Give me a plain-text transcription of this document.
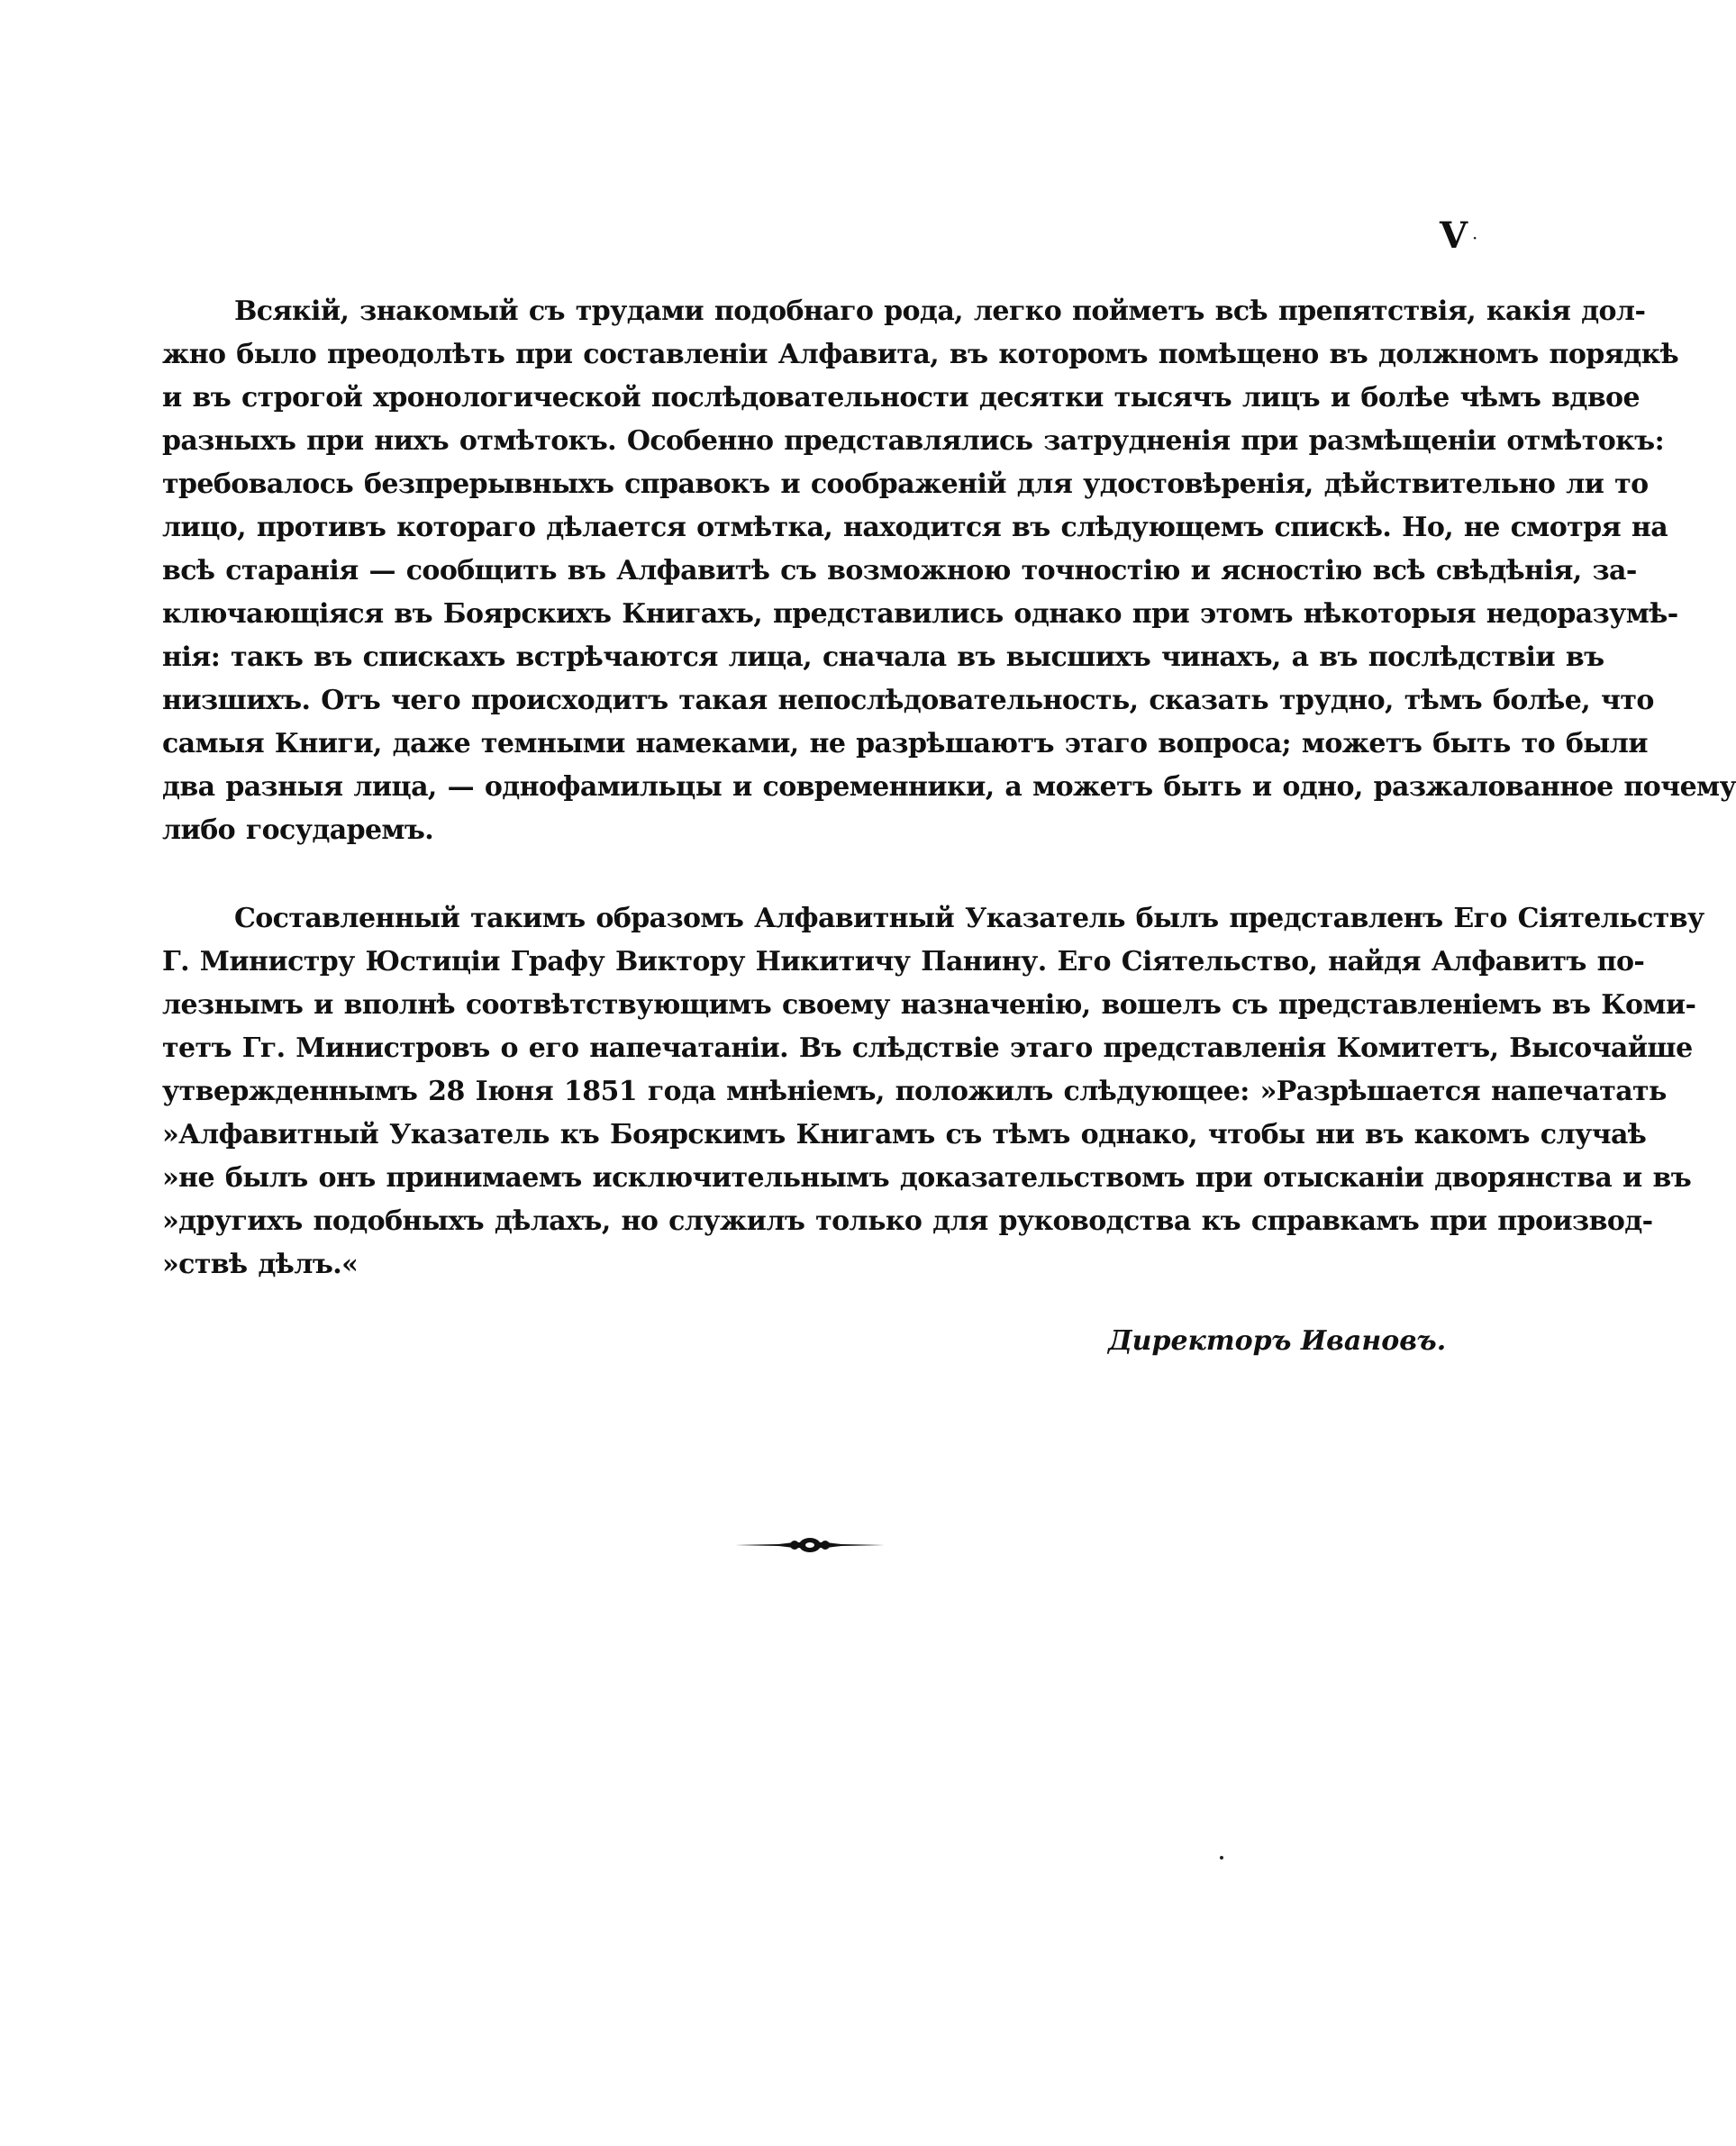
V ·
Всякій, знакомый съ трудами подобнаго рода, легко пойметъ всѣ препятствія, какія дол-
жно было преодолѣть при составленіи Алфавита, въ которомъ помѣщено въ должномъ порядкѣ
и въ строгой хронологической послѣдовательности десятки тысячъ лицъ и болѣе чѣмъ вдвое
разныхъ при нихъ отмѣтокъ. Особенно представлялись затрудненія при размѣщеніи отмѣтокъ:
требовалось безпрерывныхъ справокъ и соображеній для удостовѣренія, дѣйствительно ли то
лицо, противъ котораго дѣлается отмѣтка, находится въ слѣдующемъ спискѣ. Но, не смотря на
всѣ старанія — сообщить въ Алфавитѣ съ возможною точностію и ясностію всѣ свѣдѣнія, за-
ключающіяся въ Боярскихъ Книгахъ, представились однако при этомъ нѣкоторыя недоразумѣ-
нія: такъ въ спискахъ встрѣчаются лица, сначала въ высшихъ чинахъ, а въ послѣдствіи въ
низшихъ. Отъ чего происходитъ такая непослѣдовательность, сказать трудно, тѣмъ болѣе, что
самыя Книги, даже темными намеками, не разрѣшаютъ этаго вопроса; можетъ быть то были
два разныя лица, — однофамильцы и современники, а можетъ быть и одно, разжалованное почему
либо государемъ.
Составленный такимъ образомъ Алфавитный Указатель былъ представленъ Его Сіятельству
Г. Министру Юстиціи Графу Виктору Никитичу Панину. Его Сіятельство, найдя Алфавитъ по-
лезнымъ и вполнѣ соотвѣтствующимъ своему назначенію, вошелъ съ представленіемъ въ Коми-
тетъ Гг. Министровъ о его напечатаніи. Въ слѣдствіе этаго представленія Комитетъ, Высочайше
утвержденнымъ 28 Іюня 1851 года мнѣніемъ, положилъ слѣдующее: »Разрѣшается напечатать
»Алфавитный Указатель къ Боярскимъ Книгамъ съ тѣмъ однако, чтобы ни въ какомъ случаѣ
»не былъ онъ принимаемъ исключительнымъ доказательствомъ при отысканіи дворянства и въ
»другихъ подобныхъ дѣлахъ, но служилъ только для руководства къ справкамъ при производ-
»ствѣ дѣлъ.«
Директоръ Ивановъ.
